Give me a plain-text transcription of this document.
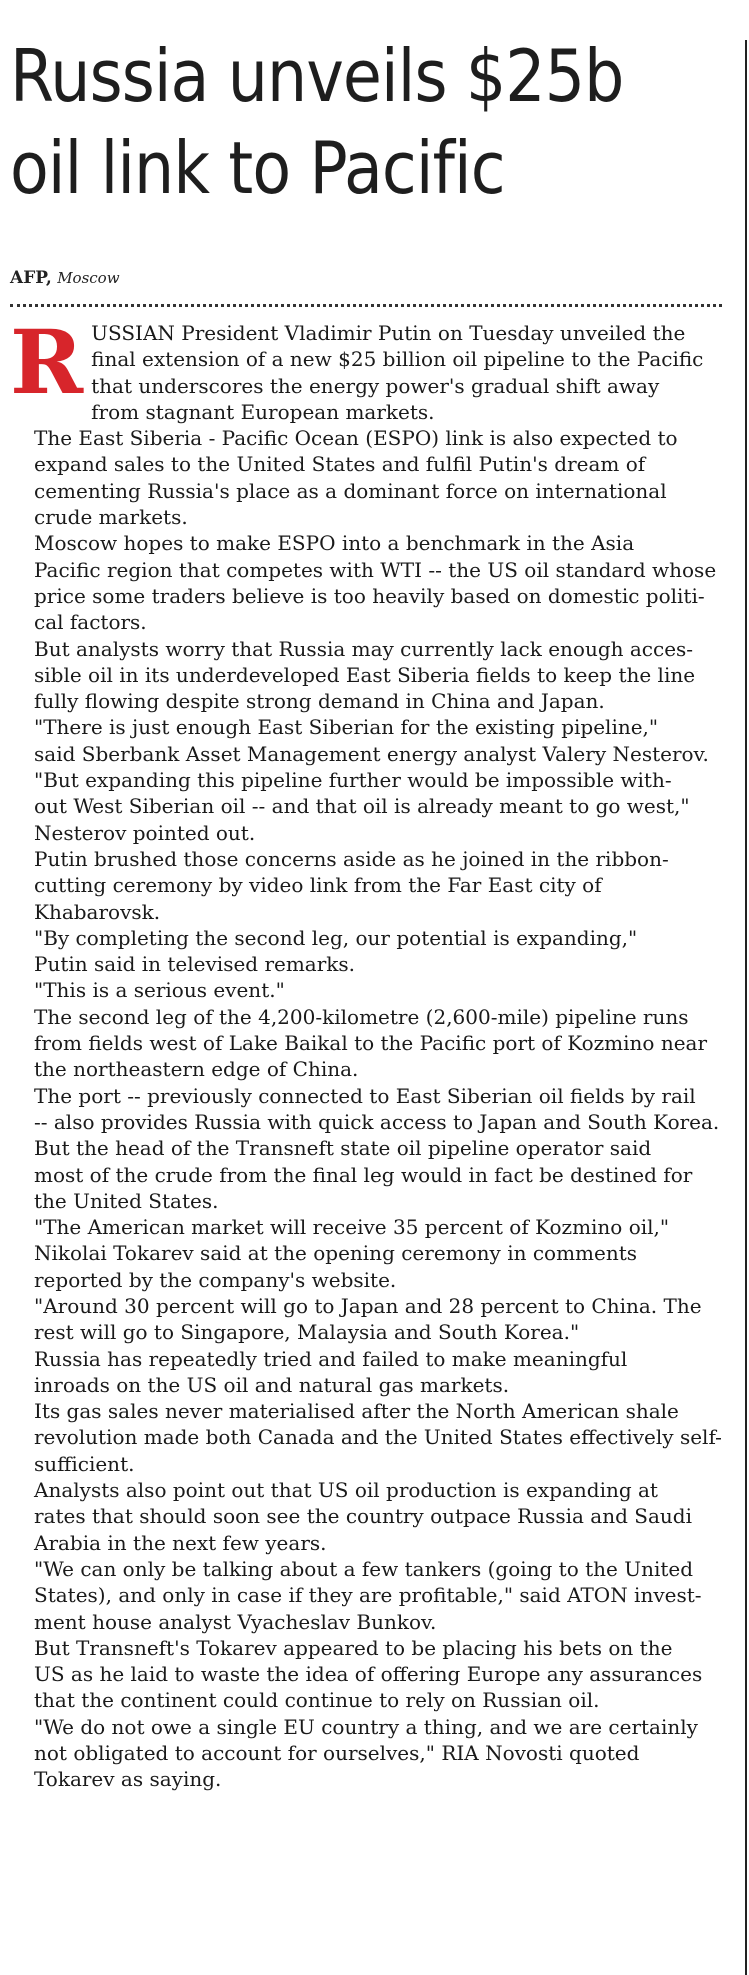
Russia unveils $25b
oil link to Pacific
AFP, Moscow

R USSIAN President Vladimir Putin on Tuesday unveiled the
final extension of a new $25 billion oil pipeline to the Pacific
that underscores the energy power's gradual shift away
from stagnant European markets.

The East Siberia - Pacific Ocean (ESPO) link is also expected to
expand sales to the United States and fulfil Putin's dream of
cementing Russia's place as a dominant force on international
crude markets.

Moscow hopes to make ESPO into a benchmark in the Asia
Pacific region that competes with WTI -- the US oil standard whose
price some traders believe is too heavily based on domestic politi-
cal factors.

But analysts worry that Russia may currently lack enough acces-
sible oil in its underdeveloped East Siberia fields to keep the line
fully flowing despite strong demand in China and Japan.

"There is just enough East Siberian for the existing pipeline,"
said Sberbank Asset Management energy analyst Valery Nesterov.

"But expanding this pipeline further would be impossible with-
out West Siberian oil -- and that oil is already meant to go west,"
Nesterov pointed out.

Putin brushed those concerns aside as he joined in the ribbon-
cutting ceremony by video link from the Far East city of
Khabarovsk.

"By completing the second leg, our potential is expanding,"
Putin said in televised remarks.

"This is a serious event."

The second leg of the 4,200-kilometre (2,600-mile) pipeline runs
from fields west of Lake Baikal to the Pacific port of Kozmino near
the northeastern edge of China.

The port -- previously connected to East Siberian oil fields by rail
-- also provides Russia with quick access to Japan and South Korea.

But the head of the Transneft state oil pipeline operator said
most of the crude from the final leg would in fact be destined for
the United States.

"The American market will receive 35 percent of Kozmino oil,"
Nikolai Tokarev said at the opening ceremony in comments
reported by the company's website.

"Around 30 percent will go to Japan and 28 percent to China. The
rest will go to Singapore, Malaysia and South Korea."

Russia has repeatedly tried and failed to make meaningful
inroads on the US oil and natural gas markets.

Its gas sales never materialised after the North American shale
revolution made both Canada and the United States effectively self-
sufficient.

Analysts also point out that US oil production is expanding at
rates that should soon see the country outpace Russia and Saudi
Arabia in the next few years.

"We can only be talking about a few tankers (going to the United
States), and only in case if they are profitable," said ATON invest-
ment house analyst Vyacheslav Bunkov.

But Transneft's Tokarev appeared to be placing his bets on the
US as he laid to waste the idea of offering Europe any assurances
that the continent could continue to rely on Russian oil.

"We do not owe a single EU country a thing, and we are certainly
not obligated to account for ourselves," RIA Novosti quoted
Tokarev as saying.
